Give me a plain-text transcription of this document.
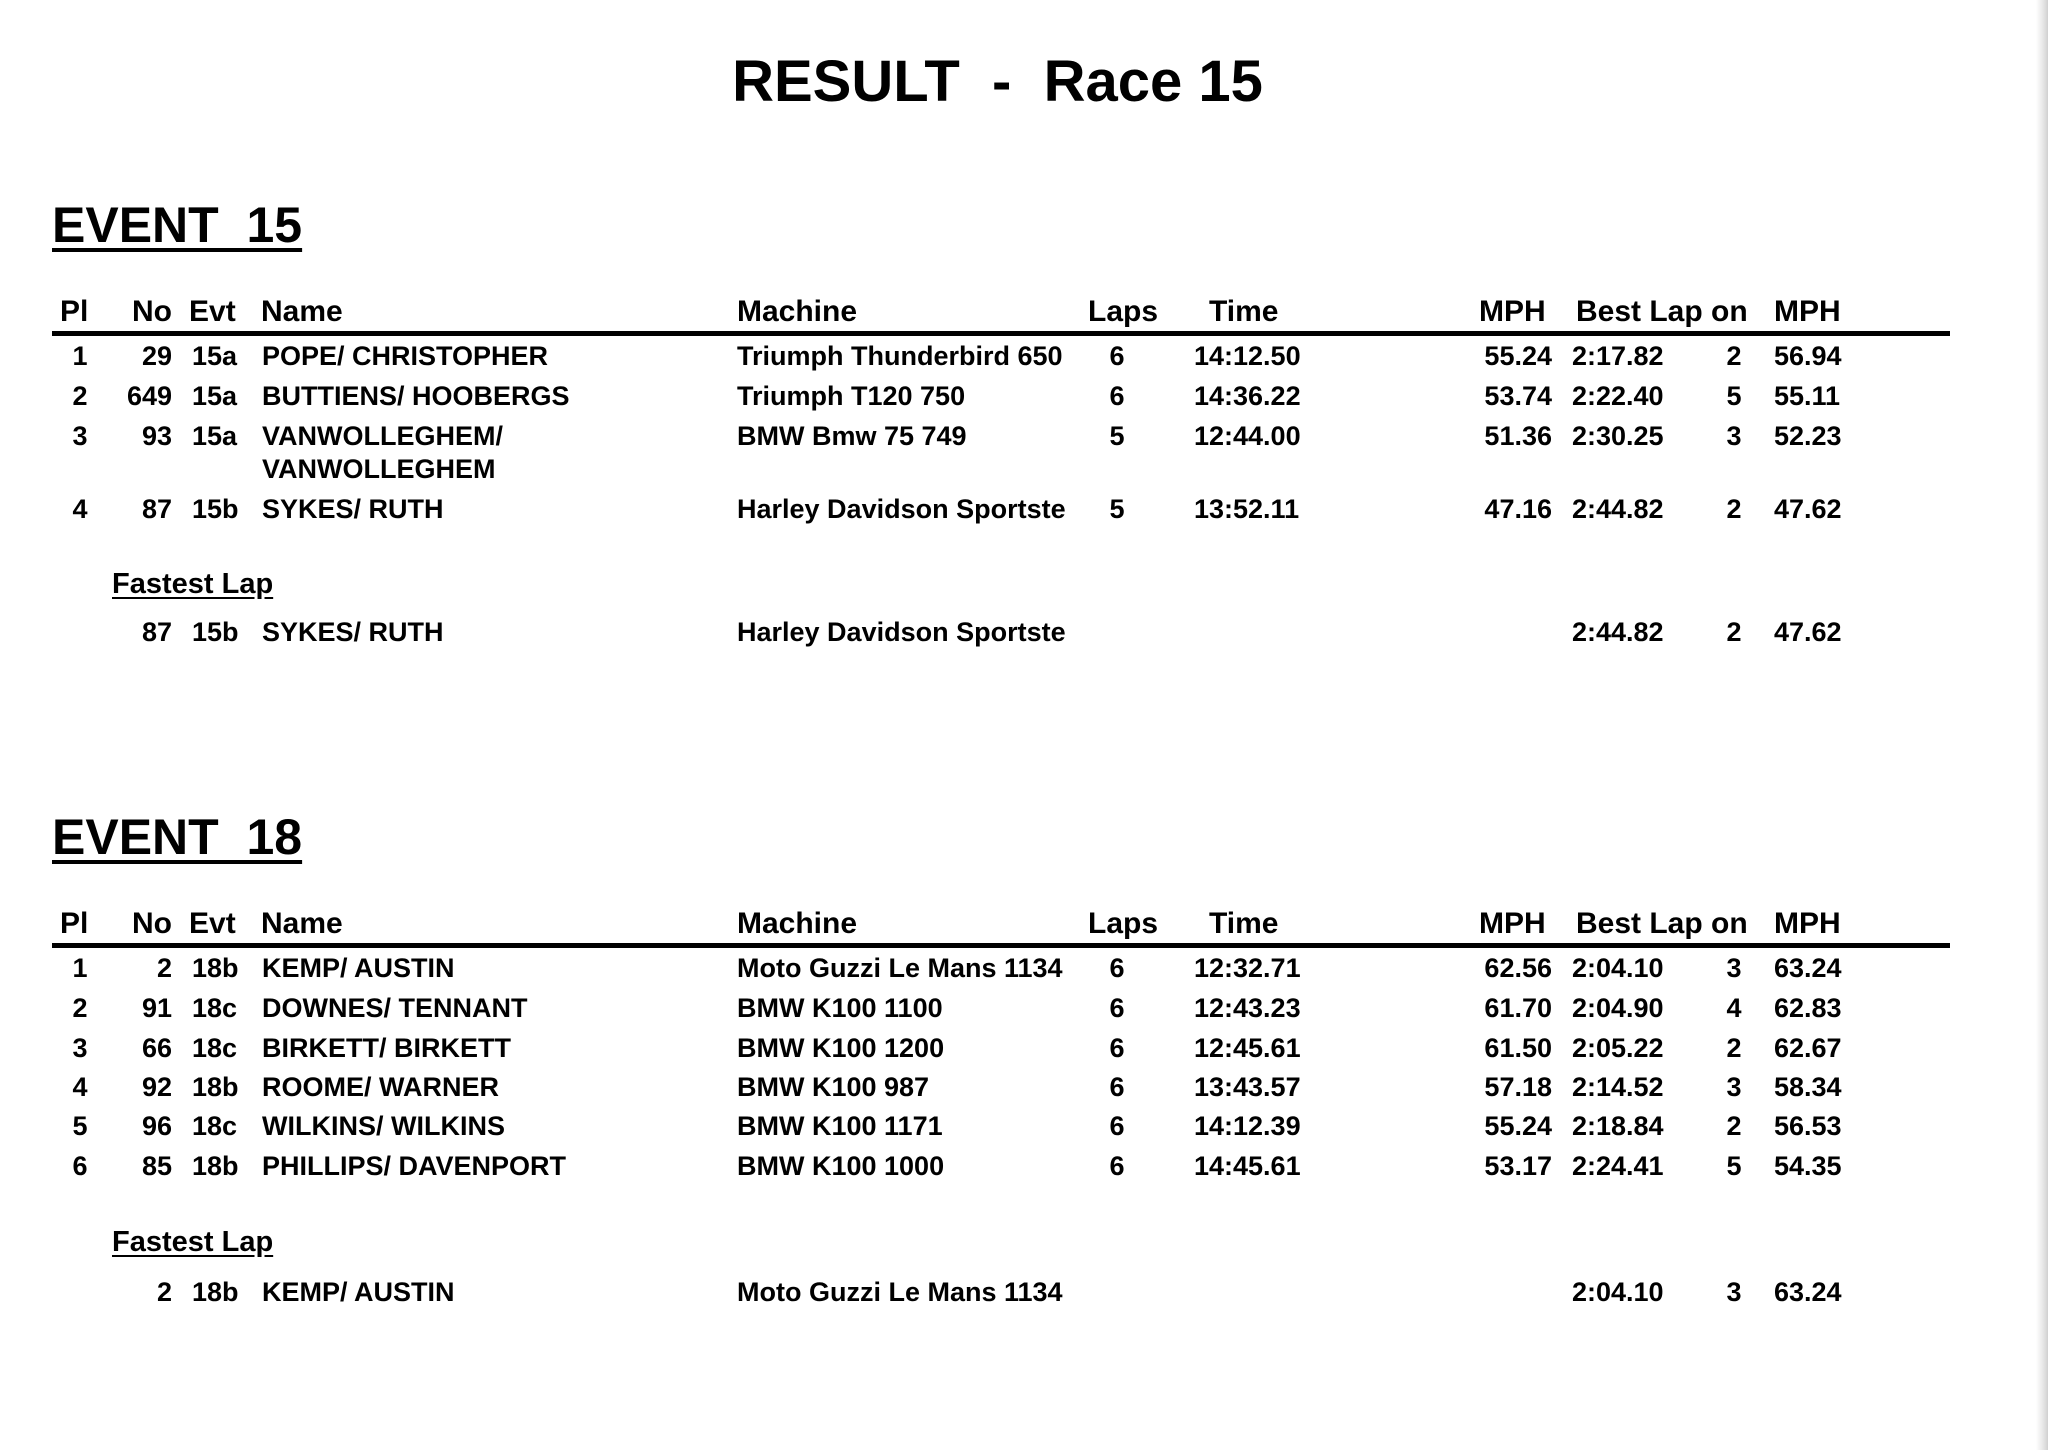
RESULT  -  Race 15
EVENT  15
Pl	No Evt Name	Machine	Laps Time	MPH Best Lap on MPH
1	29 15a POPE/ CHRISTOPHER	Triumph Thunderbird 650 6	14:12.50	55.24 2:17.82 2 56.94
2	649 15a BUTTIENS/ HOOBERGS	Triumph T120 750	6	14:36.22	53.74 2:22.40 5 55.11
3	93 15a VANWOLLEGHEM/ VANWOLLEGHEM
BMW Bmw 75 749	5	12:44.00	51.36 2:30.25 3 52.23
4	87 15b SYKES/ RUTH	Harley Davidson Sportste 5	13:52.11	47.16 2:44.82 2 47.62
Fastest Lap
87 15b SYKES/ RUTH	Harley Davidson Sportste	2:44.82 2 47.62
EVENT  18
Pl	No Evt Name	Machine	Laps Time	MPH Best Lap on MPH
1	2 18b KEMP/ AUSTIN	Moto Guzzi Le Mans 1134 6	12:32.71	62.56 2:04.10 3 63.24
2	91 18c DOWNES/ TENNANT	BMW K100 1100	6	12:43.23	61.70 2:04.90 4 62.83
3	66 18c BIRKETT/ BIRKETT	BMW K100 1200	6	12:45.61	61.50 2:05.22 2 62.67
4	92 18b ROOME/ WARNER	BMW K100 987	6	13:43.57	57.18 2:14.52 3 58.34
5	96 18c WILKINS/ WILKINS	BMW K100 1171	6	14:12.39	55.24 2:18.84 2 56.53
6	85 18b PHILLIPS/ DAVENPORT	BMW K100 1000	6	14:45.61	53.17 2:24.41 5 54.35
Fastest Lap
2 18b KEMP/ AUSTIN	Moto Guzzi Le Mans 1134	2:04.10 3 63.24
